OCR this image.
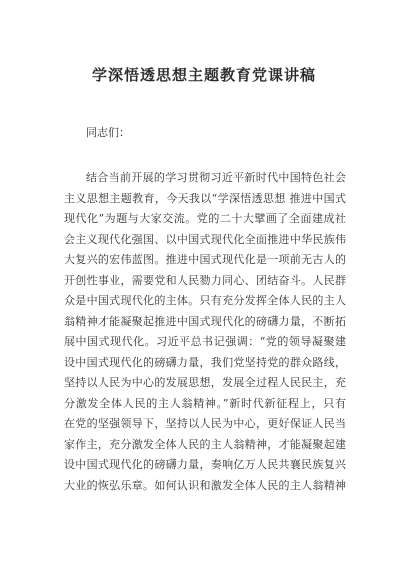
学深悟透思想主题教育党课讲稿
同志们：
结合当前开展的学习贯彻习近平新时代中国特色社会
主义思想主题教育，今天我以“学深悟透思想 推进中国式
现代化”为题与大家交流。党的二十大擘画了全面建成社
会主义现代化强国、以中国式现代化全面推进中华民族伟
大复兴的宏伟蓝图。推进中国式现代化是一项前无古人的
开创性事业，需要党和人民勠力同心、团结奋斗。人民群
众是中国式现代化的主体。只有充分发挥全体人民的主人
翁精神才能凝聚起推进中国式现代化的磅礴力量，不断拓
展中国式现代化。习近平总书记强调：“党的领导凝聚建
设中国式现代化的磅礴力量，我们党坚持党的群众路线，
坚持以人民为中心的发展思想，发展全过程人民民主，充
分激发全体人民的主人翁精神。”新时代新征程上，只有
在党的坚强领导下，坚持以人民为中心，更好保证人民当
家作主，充分激发全体人民的主人翁精神，才能凝聚起建
设中国式现代化的磅礴力量，奏响亿万人民共襄民族复兴
大业的恢弘乐章。如何认识和激发全体人民的主人翁精神
